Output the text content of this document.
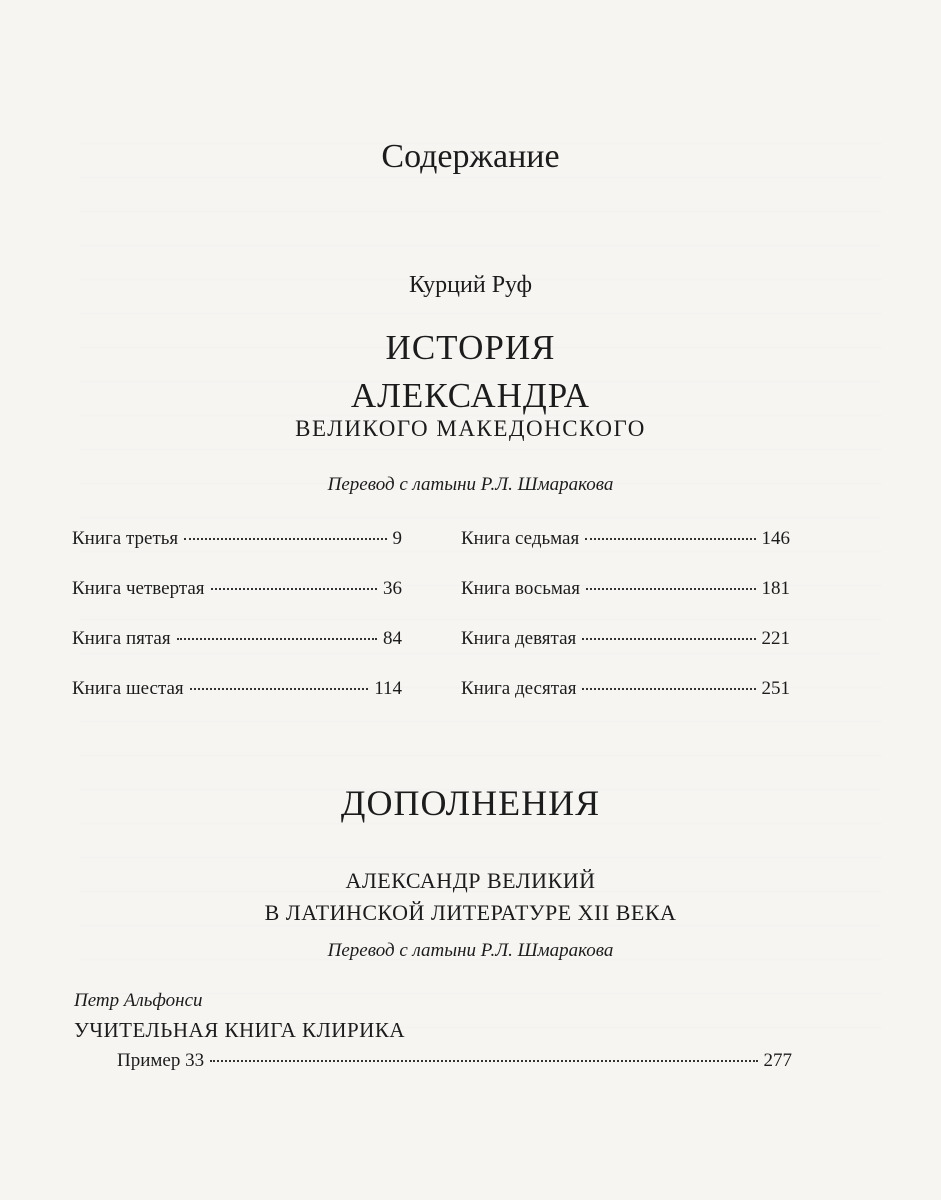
Содержание
Курций Руф
ИСТОРИЯ
АЛЕКСАНДРА
ВЕЛИКОГО МАКЕДОНСКОГО
Перевод с латыни Р.Л. Шмаракова
Книга третья	9
Книга четвертая	36
Книга пятая	84
Книга шестая	114
Книга седьмая	146
Книга восьмая	181
Книга девятая	221
Книга десятая	251
ДОПОЛНЕНИЯ
АЛЕКСАНДР ВЕЛИКИЙ
В ЛАТИНСКОЙ ЛИТЕРАТУРЕ XII ВЕКА
Перевод с латыни Р.Л. Шмаракова
Петр Альфонси
УЧИТЕЛЬНАЯ КНИГА КЛИРИКА
Пример 33	277
